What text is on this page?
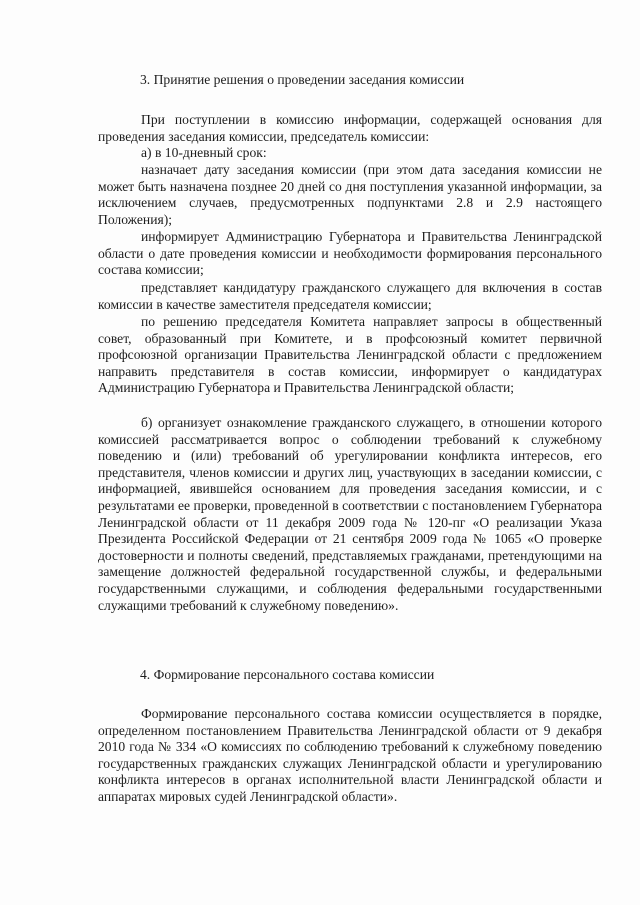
3. Принятие решения о проведении заседания комиссии

При поступлении в комиссию информации, содержащей основания для проведения заседания комиссии, председатель комиссии:

а) в 10-дневный срок:

назначает дату заседания комиссии (при этом дата заседания комиссии не может быть назначена позднее 20 дней со дня поступления указанной информации, за исключением случаев, предусмотренных подпунктами 2.8 и 2.9 настоящего Положения);

информирует Администрацию Губернатора и Правительства Ленинградской области о дате проведения комиссии и необходимости формирования персонального состава комиссии;

представляет кандидатуру гражданского служащего для включения в состав комиссии в качестве заместителя председателя комиссии;

по решению председателя Комитета направляет запросы в общественный совет, образованный при Комитете, и в профсоюзный комитет первичной профсоюзной организации Правительства Ленинградской области с предложением направить представителя в состав комиссии, информирует о кандидатурах Администрацию Губернатора и Правительства Ленинградской области;

б) организует ознакомление гражданского служащего, в отношении которого комиссией рассматривается вопрос о соблюдении требований к служебному поведению и (или) требований об урегулировании конфликта интересов, его представителя, членов комиссии и других лиц, участвующих в заседании комиссии, с информацией, явившейся основанием для проведения заседания комиссии, и с результатами ее проверки, проведенной в соответствии с постановлением Губернатора Ленинградской области от 11 декабря 2009 года № 120-пг «О реализации Указа Президента Российской Федерации от 21 сентября 2009 года № 1065 «О проверке достоверности и полноты сведений, представляемых гражданами, претендующими на замещение должностей федеральной государственной службы, и федеральными государственными служащими, и соблюдения федеральными государственными служащими требований к служебному поведению».

4. Формирование персонального состава комиссии

Формирование персонального состава комиссии осуществляется в порядке, определенном постановлением Правительства Ленинградской области от 9 декабря 2010 года № 334 «О комиссиях по соблюдению требований к служебному поведению государственных гражданских служащих Ленинградской области и урегулированию конфликта интересов в органах исполнительной власти Ленинградской области и аппаратах мировых судей Ленинградской области».
